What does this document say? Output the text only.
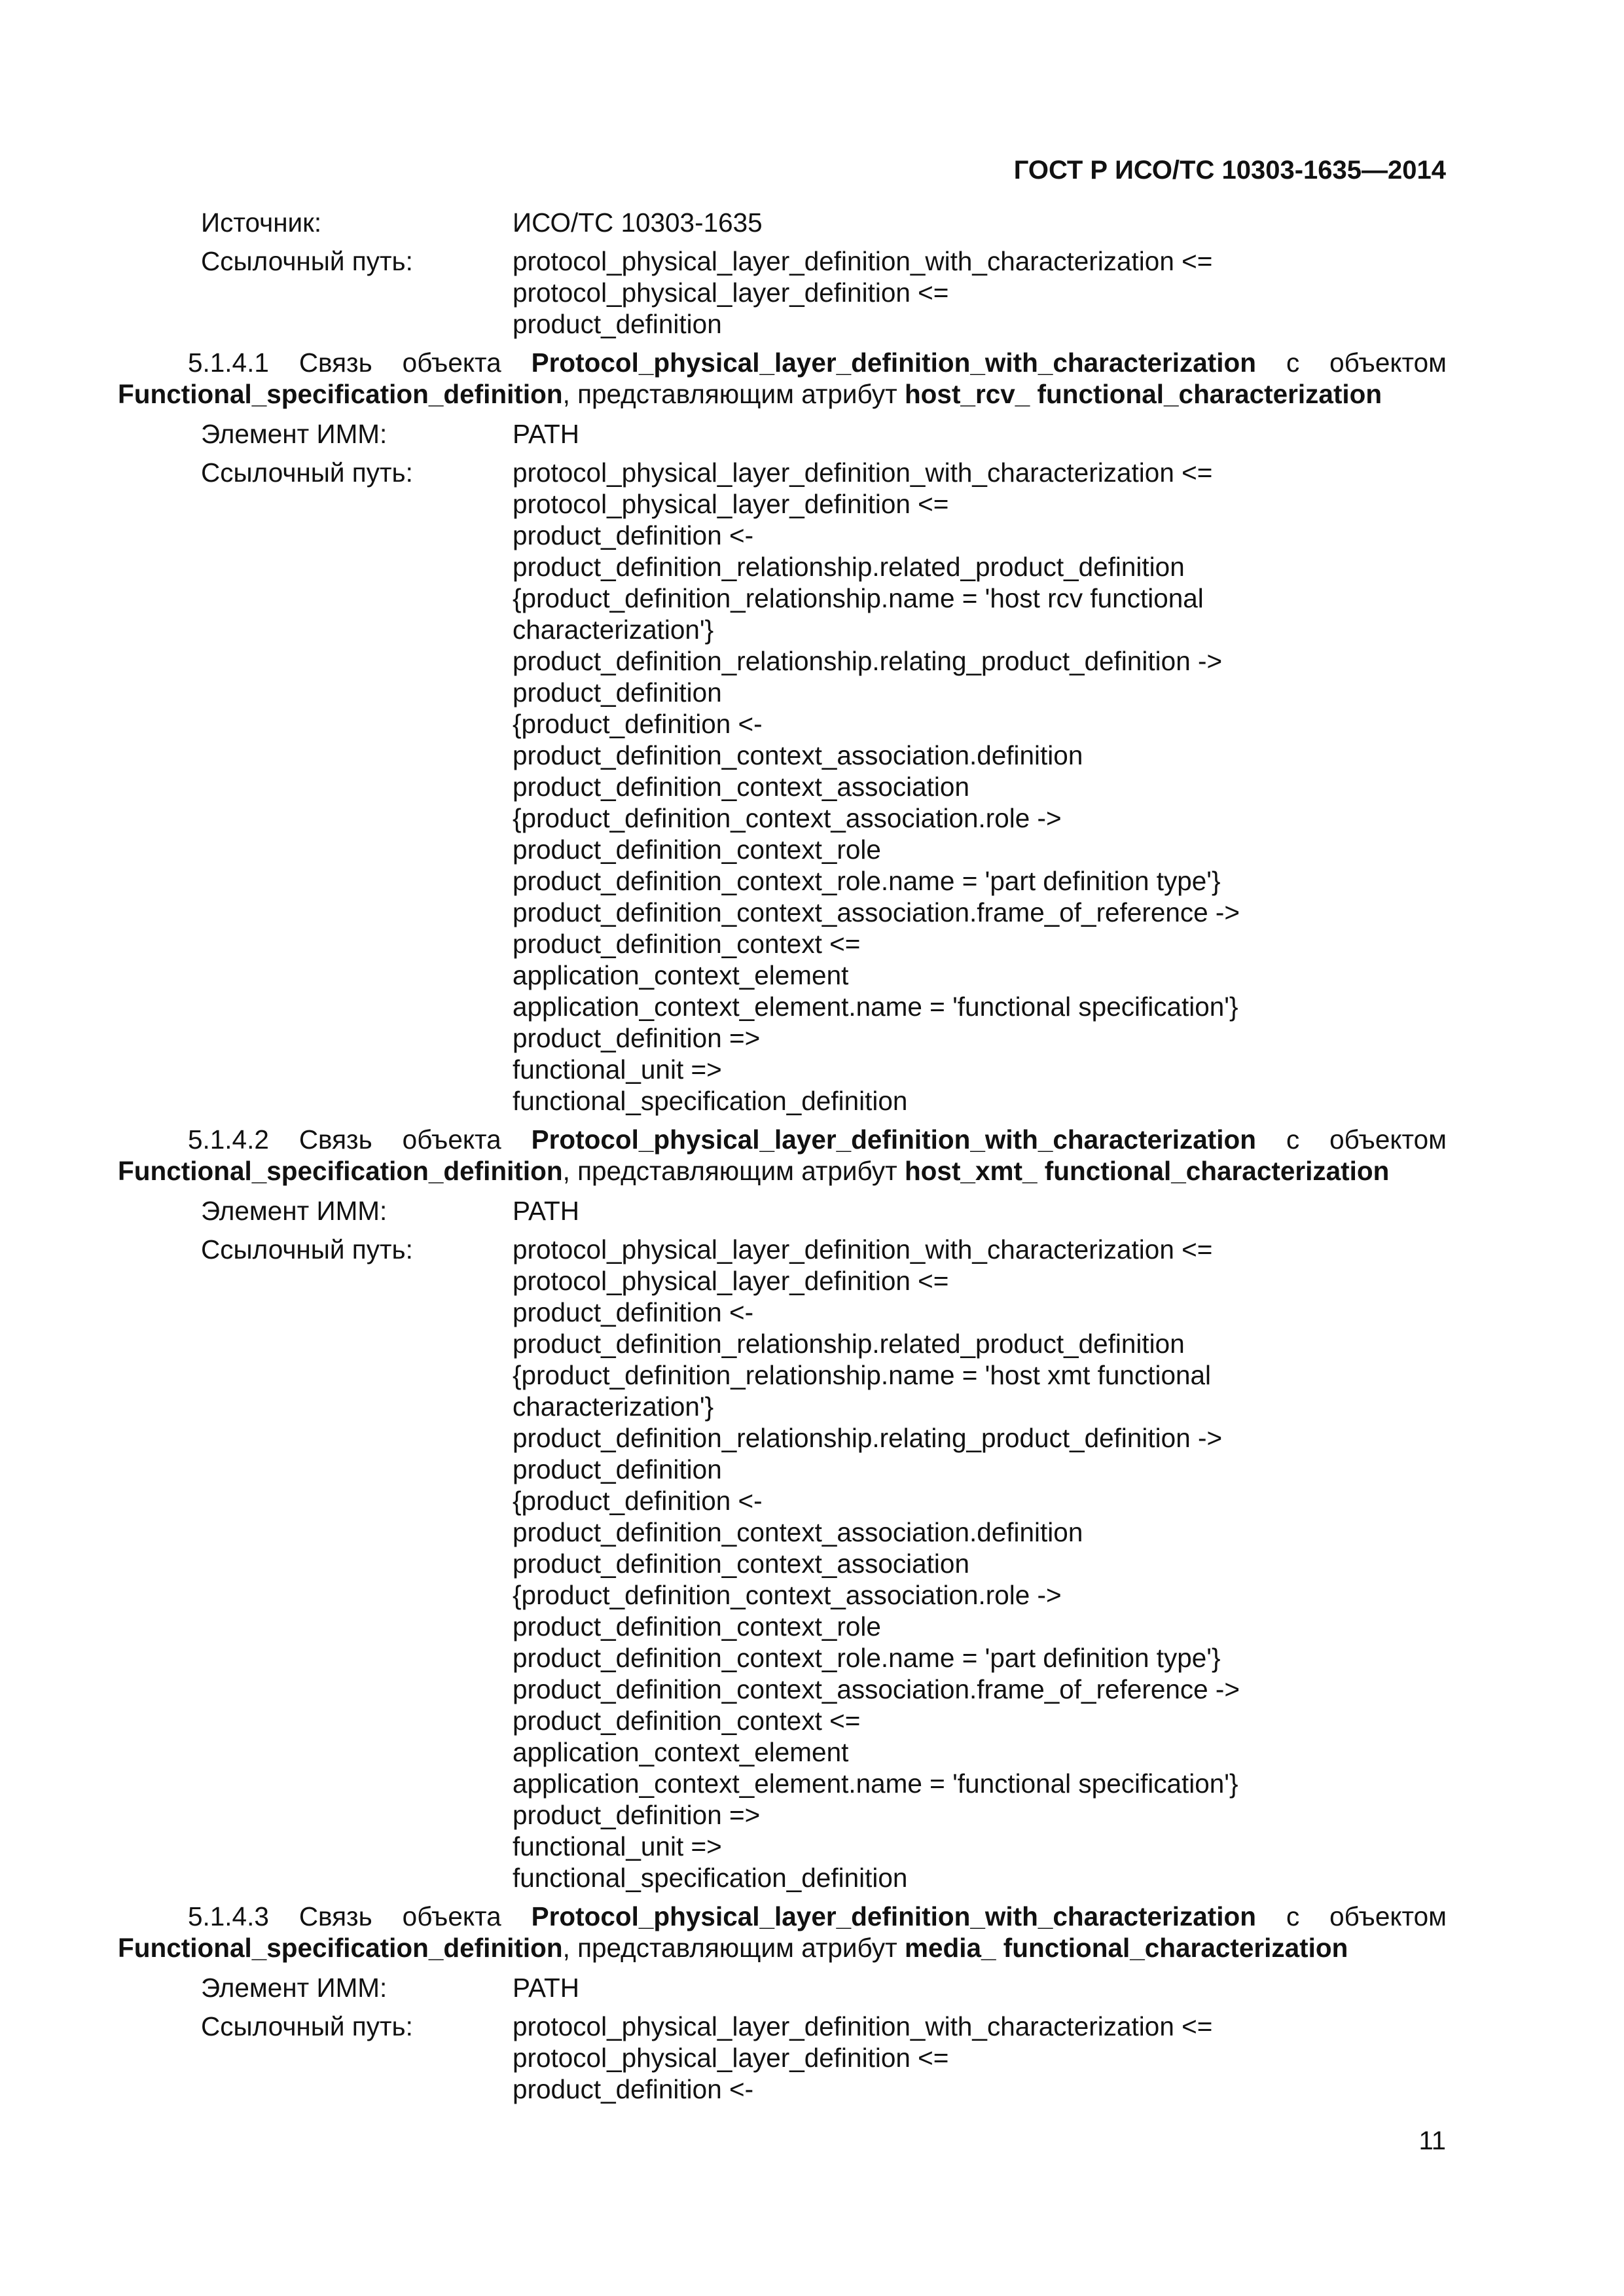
ГОСТ Р ИСО/ТС 10303-1635—2014
Источник:	ИСО/ТС 10303-1635
Ссылочный путь:	protocol_physical_layer_definition_with_characterization <=
protocol_physical_layer_definition <=
product_definition
5.1.4.1 Связь объекта Protocol_physical_layer_definition_with_characterization с объектом
Functional_specification_definition, представляющим атрибут host_rcv_ functional_characterization
Элемент ИММ:	PATH
Ссылочный путь:	protocol_physical_layer_definition_with_characterization <=
protocol_physical_layer_definition <=
product_definition <-
product_definition_relationship.related_product_definition
{product_definition_relationship.name = 'host rcv functional
characterization'}
product_definition_relationship.relating_product_definition ->
product_definition
{product_definition <-
product_definition_context_association.definition
product_definition_context_association
{product_definition_context_association.role ->
product_definition_context_role
product_definition_context_role.name = 'part definition type'}
product_definition_context_association.frame_of_reference ->
product_definition_context <=
application_context_element
application_context_element.name = 'functional specification'}
product_definition =>
functional_unit =>
functional_specification_definition
5.1.4.2 Связь объекта Protocol_physical_layer_definition_with_characterization с объектом
Functional_specification_definition, представляющим атрибут host_xmt_ functional_characterization
Элемент ИММ:	PATH
Ссылочный путь:	protocol_physical_layer_definition_with_characterization <=
protocol_physical_layer_definition <=
product_definition <-
product_definition_relationship.related_product_definition
{product_definition_relationship.name = 'host xmt functional
characterization'}
product_definition_relationship.relating_product_definition ->
product_definition
{product_definition <-
product_definition_context_association.definition
product_definition_context_association
{product_definition_context_association.role ->
product_definition_context_role
product_definition_context_role.name = 'part definition type'}
product_definition_context_association.frame_of_reference ->
product_definition_context <=
application_context_element
application_context_element.name = 'functional specification'}
product_definition =>
functional_unit =>
functional_specification_definition
5.1.4.3 Связь объекта Protocol_physical_layer_definition_with_characterization с объектом
Functional_specification_definition, представляющим атрибут media_ functional_characterization
Элемент ИММ:	PATH
Ссылочный путь:	protocol_physical_layer_definition_with_characterization <=
protocol_physical_layer_definition <=
product_definition <-
11
